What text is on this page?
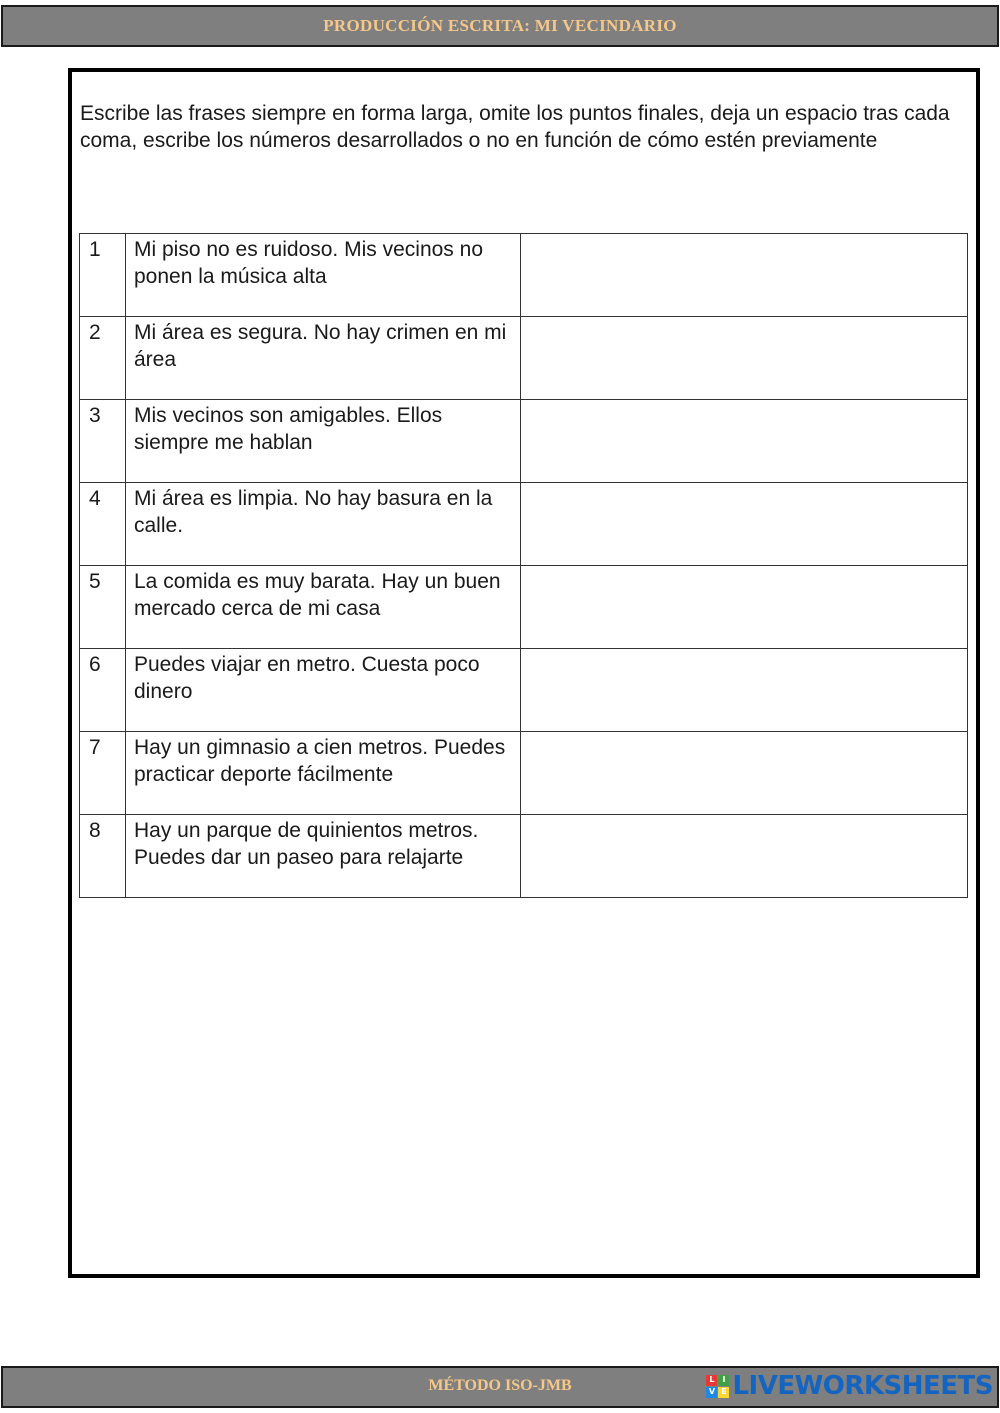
PRODUCCIÓN ESCRITA: MI VECINDARIO

Escribe las frases siempre en forma larga, omite los puntos finales, deja un espacio tras cada coma, escribe los números desarrollados o no en función de cómo estén previamente

1	Mi piso no es ruidoso. Mis vecinos no ponen la música alta	
2	Mi área es segura. No hay crimen en mi área	
3	Mis vecinos son amigables. Ellos siempre me hablan	
4	Mi área es limpia. No hay basura en la calle.	
5	La comida es muy barata. Hay un buen mercado cerca de mi casa	
6	Puedes viajar en metro. Cuesta poco dinero	
7	Hay un gimnasio a cien metros. Puedes practicar deporte fácilmente	
8	Hay un parque de quinientos metros. Puedes dar un paseo para relajarte	
MÉTODO ISO-JMB	L I
V E LIVEWORKSHEETS
